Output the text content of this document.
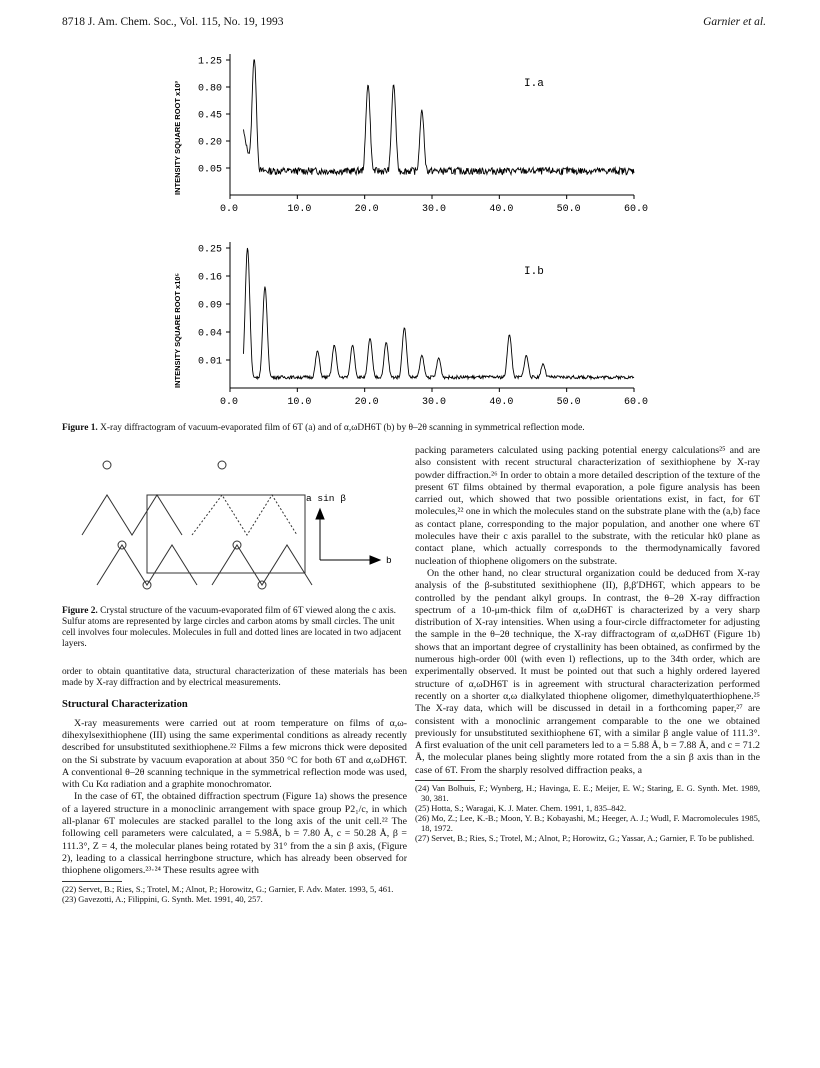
8718 J. Am. Chem. Soc., Vol. 115, No. 19, 1993	Garnier et al.
0.05
0.20
0.45
0.80
1.25
0.0	10.0	20.0	30.0	40.0	50.0	60.0
INTENSITY SQUARE ROOT x10³	I.a
0.01
0.04
0.09
0.16
0.25
0.0	10.0	20.0	30.0	40.0	50.0	60.0
INTENSITY SQUARE ROOT x10⁵
I.b
Figure 1. X-ray diffractogram of vacuum-evaporated film of 6T (a) and of α,ωDH6T (b) by θ–2θ scanning in symmetrical reflection mode.
a sin β
b
Figure 2. Crystal structure of the vacuum-evaporated film of 6T viewed along the c axis. Sulfur atoms are represented by large circles and carbon atoms by small circles. The unit cell involves four molecules. Molecules in full and dotted lines are located in two adjacent layers.

order to obtain quantitative data, structural characterization of these materials has been made by X-ray diffraction and by electrical measurements.

Structural Characterization

X-ray measurements were carried out at room temperature on films of α,ω-dihexylsexithiophene (III) using the same experimental conditions as already recently described for unsubstituted sexithiophene.²² Films a few microns thick were deposited on the Si substrate by vacuum evaporation at about 350 °C for both 6T and α,ωDH6T. A conventional θ–2θ scanning technique in the symmetrical reflection mode was used, with Cu Kα radiation and a graphite monochromator.

In the case of 6T, the obtained diffraction spectrum (Figure 1a) shows the presence of a layered structure in a monoclinic arrangement with space group P2₁/c, in which all-planar 6T molecules are stacked parallel to the long axis of the unit cell.²² The following cell parameters were calculated, a = 5.98Å, b = 7.80 Å, c = 50.28 Å, β = 111.3°, Z = 4, the molecular planes being rotated by 31° from the a sin β axis, (Figure 2), leading to a classical herringbone structure, which has already been observed for thiophene oligomers.²³·²⁴ These results agree with

(22) Servet, B.; Ries, S.; Trotel, M.; Alnot, P.; Horowitz, G.; Garnier, F. Adv. Mater. 1993, 5, 461.
(23) Gavezotti, A.; Filippini, G. Synth. Met. 1991, 40, 257.

packing parameters calculated using packing potential energy calculations²⁵ and are also consistent with recent structural characterization of sexithiophene by X-ray powder diffraction.²⁶ In order to obtain a more detailed description of the texture of the present 6T films obtained by thermal evaporation, a pole figure analysis has been carried out, which showed that two possible orientations exist, in fact, for 6T molecules,²² one in which the molecules stand on the substrate plane with the (a,b) face as contact plane, corresponding to the major population, and another one where 6T molecules have their c axis parallel to the substrate, with the reticular hk0 plane as contact plane, which actually corresponds to the thermodynamically favored nucleation of thiophene oligomers on the substrate.

On the other hand, no clear structural organization could be deduced from X-ray analysis of the β-substituted sexithiophene (II), β,β′DH6T, which appears to be controlled by the pendant alkyl groups. In contrast, the θ–2θ X-ray diffraction spectrum of a 10-μm-thick film of α,ωDH6T is characterized by a very sharp distribution of X-ray intensities. When using a four-circle diffractometer for adjusting the sample in the θ–2θ technique, the X-ray diffractogram of α,ωDH6T (Figure 1b) shows that an important degree of crystallinity has been obtained, as confirmed by the numerous high-order 00l (with even l) reflections, up to the 34th order, which are experimentally observed. It must be pointed out that such a highly ordered layered structure of α,ωDH6T is in agreement with structural characterization performed recently on a shorter α,ω dialkylated thiophene oligomer, dimethylquaterthiophene.²⁵ The X-ray data, which will be discussed in detail in a forthcoming paper,²⁷ are consistent with a monoclinic arrangement comparable to the one we obtained previously for unsubstituted sexithiophene 6T, with a similar β angle value of 111.3°. A first evaluation of the unit cell parameters led to a = 5.88 Å, b = 7.88 Å, and c = 71.2 Å, the molecular planes being slightly more rotated from the a sin β axis than in the case of 6T. From the sharply resolved diffraction peaks, a

(24) Van Bolhuis, F.; Wynberg, H.; Havinga, E. E.; Meijer, E. W.; Staring, E. G. Synth. Met. 1989, 30, 381.
(25) Hotta, S.; Waragai, K. J. Mater. Chem. 1991, 1, 835–842.
(26) Mo, Z.; Lee, K.-B.; Moon, Y. B.; Kobayashi, M.; Heeger, A. J.; Wudl, F. Macromolecules 1985, 18, 1972.
(27) Servet, B.; Ries, S.; Trotel, M.; Alnot, P.; Horowitz, G.; Yassar, A.; Garnier, F. To be published.
